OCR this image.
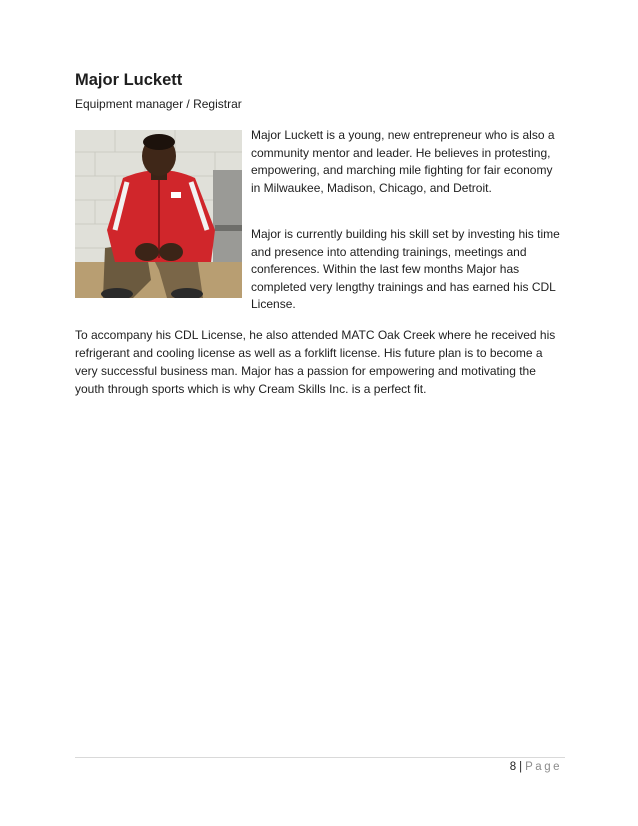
Major Luckett

Equipment manager / Registrar

Major Luckett is a young, new entrepreneur who is also a community mentor and leader. He believes in protesting, empowering, and marching mile fighting for fair economy in Milwaukee, Madison, Chicago, and Detroit.

Major is currently building his skill set by investing his time and presence into attending trainings, meetings and conferences. Within the last few months Major has completed very lengthy trainings and has earned his CDL License.

To accompany his CDL License, he also attended MATC Oak Creek where he received his refrigerant and cooling license as well as a forklift license. His future plan is to become a very successful business man. Major has a passion for empowering and motivating the youth through sports which is why Cream Skills Inc. is a perfect fit.

8 | Page
